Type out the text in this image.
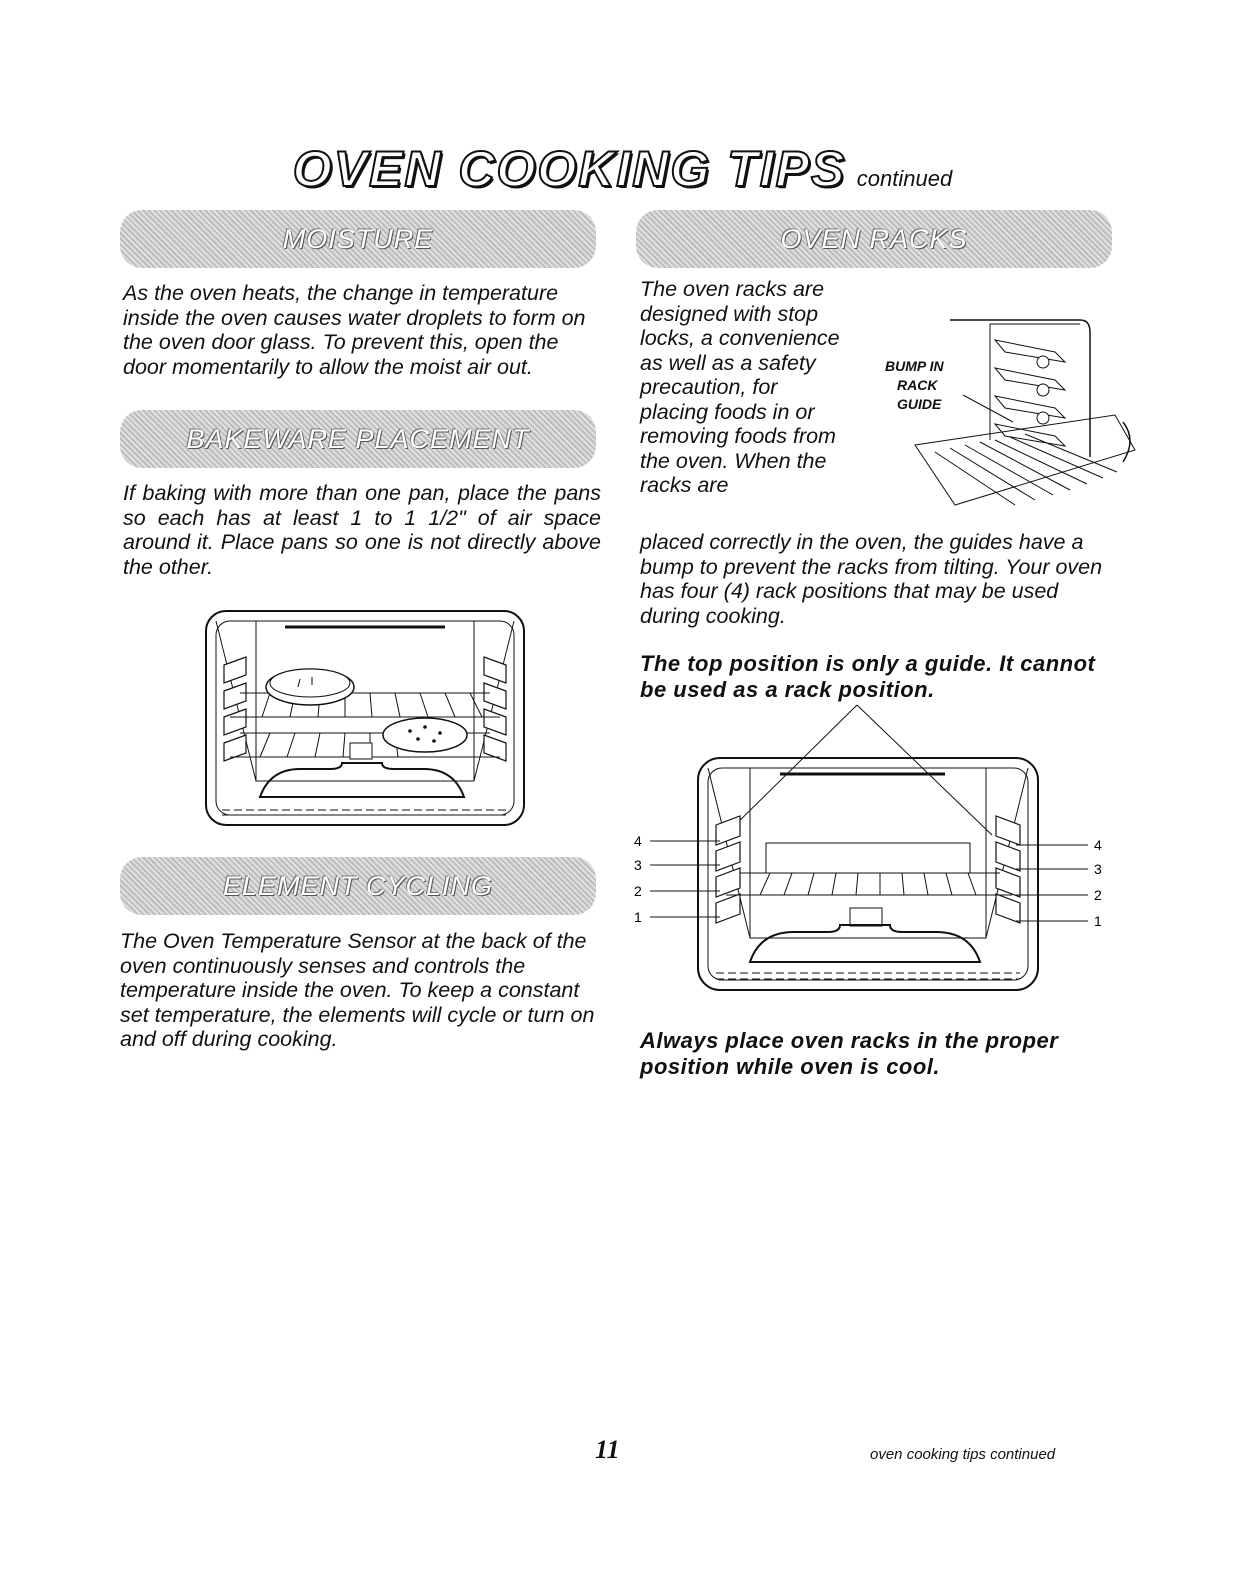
OVEN COOKING TIPS continued
MOISTURE
As the oven heats, the change in temperature inside the oven causes water droplets to form on the oven door glass. To prevent this, open the door momentarily to allow the moist air out.
BAKEWARE PLACEMENT
If baking with more than one pan, place the pans so each has at least 1 to 1 1/2" of air space around it. Place pans so one is not directly above the other.
ELEMENT CYCLING
The Oven Temperature Sensor at the back of the oven continuously senses and controls the temperature inside the oven. To keep a constant set temperature, the elements will cycle or turn on and off during cooking.
OVEN RACKS
The oven racks are designed with stop locks, a convenience as well as a safety precaution, for placing foods in or removing foods from the oven. When the racks are
placed correctly in the oven, the guides have a bump to prevent the racks from tilting. Your oven has four (4) rack positions that may be used during cooking.
BUMP IN
RACK
GUIDE
The top position is only a guide. It cannot be used as a rack position.
4
3
2
1
4
3
2
1
Always place oven racks in the proper position while oven is cool.
11	oven cooking tips continued
